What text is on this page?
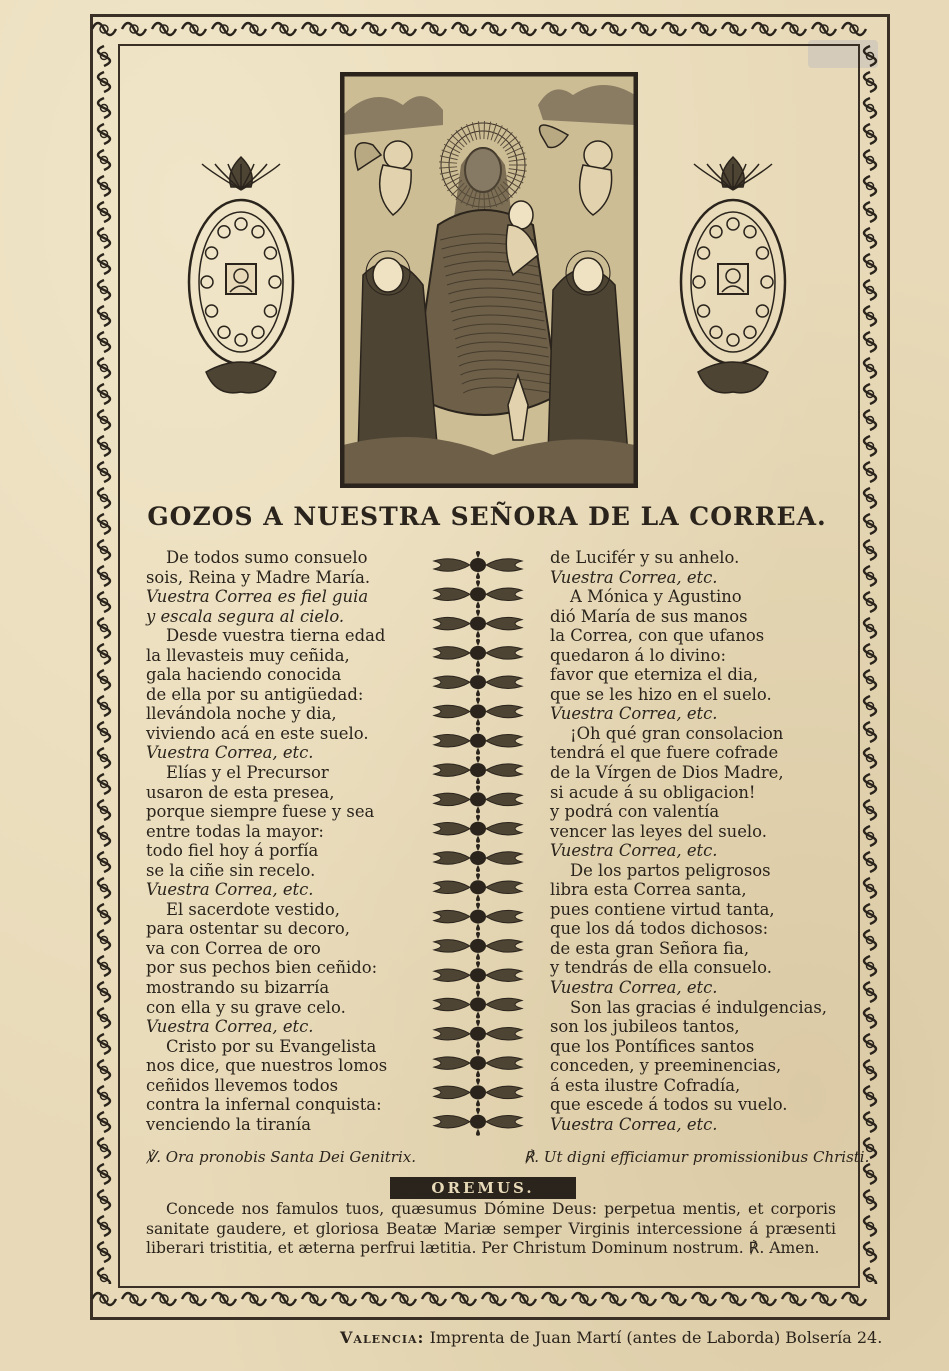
GOZOS A NUESTRA SEÑORA DE LA CORREA.
De todos sumo consuelo
sois, Reina y Madre María.
Vuestra Correa es fiel guia
y escala segura al cielo.
Desde vuestra tierna edad
la llevasteis muy ceñida,
gala haciendo conocida
de ella por su antigüedad:
llevándola noche y dia,
viviendo acá en este suelo.
Vuestra Correa, etc.
Elías y el Precursor
usaron de esta presea,
porque siempre fuese y sea
entre todas la mayor:
todo fiel hoy á porfía
se la ciñe sin recelo.
Vuestra Correa, etc.
El sacerdote vestido,
para ostentar su decoro,
va con Correa de oro
por sus pechos bien ceñido:
mostrando su bizarría
con ella y su grave celo.
Vuestra Correa, etc.
Cristo por su Evangelista
nos dice, que nuestros lomos
ceñidos llevemos todos
contra la infernal conquista:
venciendo la tiranía
de Lucifér y su anhelo.
Vuestra Correa, etc.
A Mónica y Agustino
dió María de sus manos
la Correa, con que ufanos
quedaron á lo divino:
favor que eterniza el dia,
que se les hizo en el suelo.
Vuestra Correa, etc.
¡Oh qué gran consolacion
tendrá el que fuere cofrade
de la Vírgen de Dios Madre,
si acude á su obligacion!
y podrá con valentía
vencer las leyes del suelo.
Vuestra Correa, etc.
De los partos peligrosos
libra esta Correa santa,
pues contiene virtud tanta,
que los dá todos dichosos:
de esta gran Señora fia,
y tendrás de ella consuelo.
Vuestra Correa, etc.
Son las gracias é indulgencias,
son los jubileos tantos,
que los Pontífices santos
conceden, y preeminencias,
á esta ilustre Cofradía,
que escede á todos su vuelo.
Vuestra Correa, etc.
℣. Ora pronobis Santa Dei Genitrix.	℟. Ut digni efficiamur promissionibus Christi.
OREMUS.
Concede nos famulos tuos, quæsumus Dómine Deus: perpetua mentis, et corporis sanitate gaudere, et gloriosa Beatæ Mariæ semper Virginis intercessione á præsenti liberari tristitia, et æterna perfrui lætitia. Per Christum Dominum nostrum. ℟. Amen.
Valencia: Imprenta de Juan Martí (antes de Laborda) Bolsería 24.
